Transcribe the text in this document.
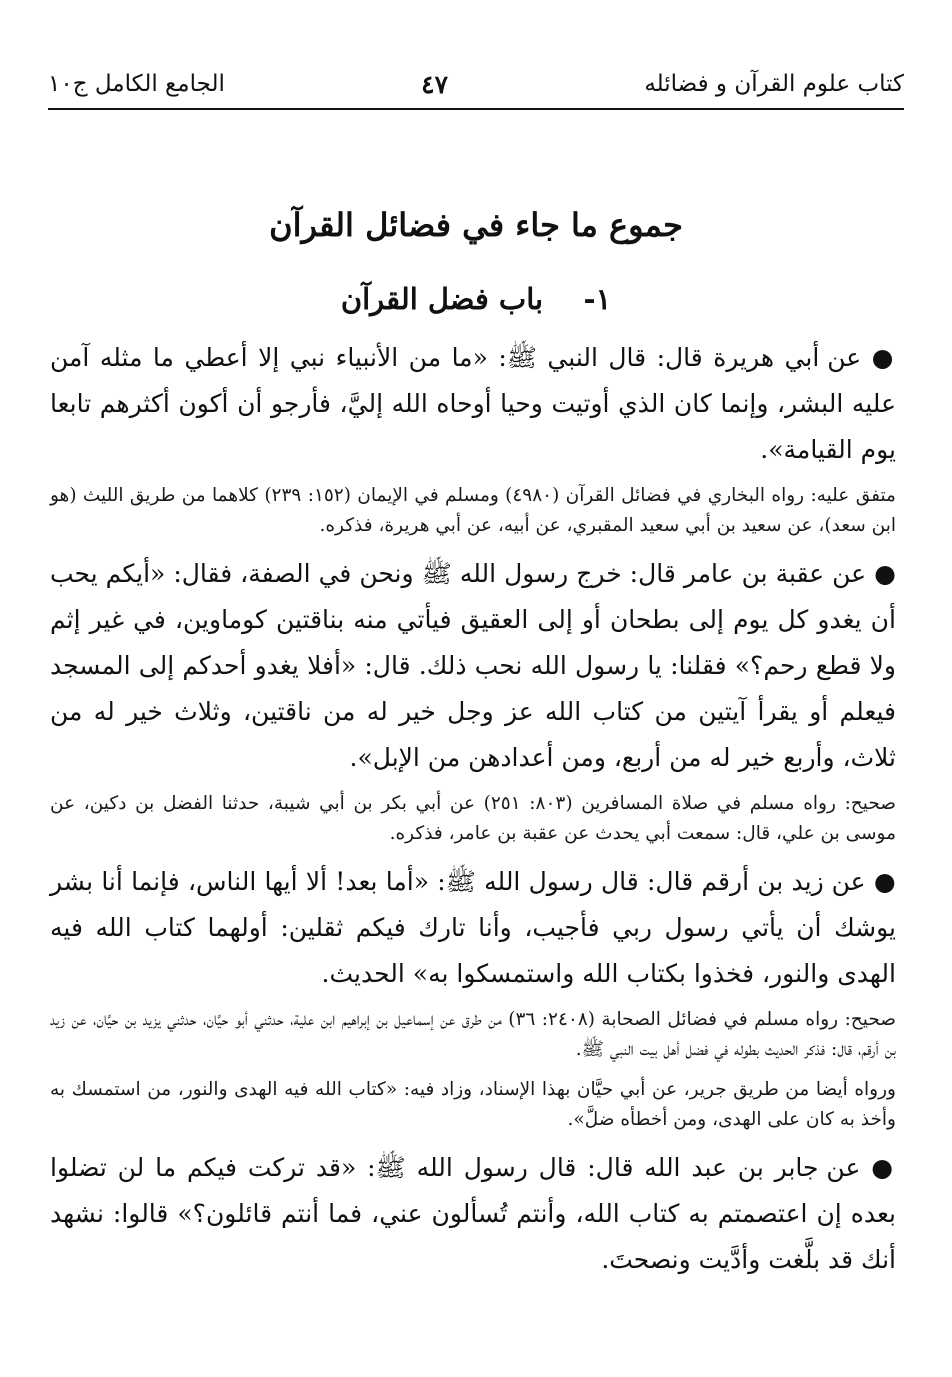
كتاب علوم القرآن و فضائله
٤٧
الجامع الكامل ج١٠
جموع ما جاء في فضائل القرآن
١-    باب فضل القرآن

● عن أبي هريرة قال: قال النبي ﷺ: «ما من الأنبياء نبي إلا أعطي ما مثله آمن عليه البشر، وإنما كان الذي أوتيت وحيا أوحاه الله إليَّ، فأرجو أن أكون أكثرهم تابعا يوم القيامة».

متفق عليه: رواه البخاري في فضائل القرآن (٤٩٨٠) ومسلم في الإيمان (١٥٢: ٢٣٩) كلاهما من طريق الليث (هو ابن سعد)، عن سعيد بن أبي سعيد المقبري، عن أبيه، عن أبي هريرة، فذكره.

● عن عقبة بن عامر قال: خرج رسول الله ﷺ ونحن في الصفة، فقال: «أيكم يحب أن يغدو كل يوم إلى بطحان أو إلى العقيق فيأتي منه بناقتين كوماوين، في غير إثم ولا قطع رحم؟» فقلنا: يا رسول الله نحب ذلك. قال: «أفلا يغدو أحدكم إلى المسجد فيعلم أو يقرأ آيتين من كتاب الله عز وجل خير له من ناقتين، وثلاث خير له من ثلاث، وأربع خير له من أربع، ومن أعدادهن من الإبل».

صحيح: رواه مسلم في صلاة المسافرين (٨٠٣: ٢٥١) عن أبي بكر بن أبي شيبة، حدثنا الفضل بن دكين، عن موسى بن علي، قال: سمعت أبي يحدث عن عقبة بن عامر، فذكره.

● عن زيد بن أرقم قال: قال رسول الله ﷺ: «أما بعد! ألا أيها الناس، فإنما أنا بشر يوشك أن يأتي رسول ربي فأجيب، وأنا تارك فيكم ثقلين: أولهما كتاب الله فيه الهدى والنور، فخذوا بكتاب الله واستمسكوا به» الحديث.

صحيح: رواه مسلم في فضائل الصحابة (٢٤٠٨: ٣٦) من طرق عن إسماعيل بن إبراهيم ابن علية، حدثني أبو حيَّان، حدثني يزيد بن حيَّان، عن زيد بن أرقم، قال: فذكر الحديث بطوله في فضل أهل بيت النبي ﷺ.

ورواه أيضا من طريق جرير، عن أبي حيَّان بهذا الإسناد، وزاد فيه: «كتاب الله فيه الهدى والنور، من استمسك به وأخذ به كان على الهدى، ومن أخطأه ضلَّ».

● عن جابر بن عبد الله قال: قال رسول الله ﷺ: «قد تركت فيكم ما لن تضلوا بعده إن اعتصمتم به كتاب الله، وأنتم تُسألون عني، فما أنتم قائلون؟» قالوا: نشهد أنك قد بلَّغت وأدَّيت ونصحتَ.
